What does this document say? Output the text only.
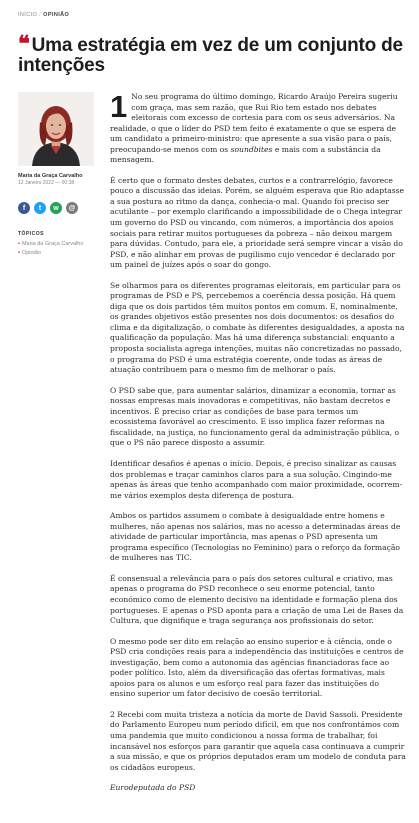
INÍCIO / OPINIÃO
❝ Uma estratégia em vez de um conjunto de intenções
Maria da Graça Carvalho
12 Janeiro 2022 — 00:38
f t w @
TÓPICOS
• Maria da Graça Carvalho
• Opinião

1 No seu programa do último domingo, Ricardo Araújo Pereira sugeriu com graça, mas sem razão, que Rui Rio tem estado nos debates eleitorais com excesso de cortesia para com os seus adversários. Na realidade, o que o líder do PSD tem feito é exatamente o que se espera de um candidato a primeiro-ministro: que apresente a sua visão para o país, preocupando-se menos com os soundbites e mais com a substância da mensagem.

É certo que o formato destes debates, curtos e a contrarrelógio, favorece pouco a discussão das ideias. Porém, se alguém esperava que Rio adaptasse a sua postura ao ritmo da dança, conhecia-o mal. Quando foi preciso ser acutilante – por exemplo clarificando a impossibilidade de o Chega integrar um governo do PSD ou vincando, com números, a importância dos apoios sociais para retirar muitos portugueses da pobreza – não deixou margem para dúvidas. Contudo, para ele, a prioridade será sempre vincar a visão do PSD, e não alinhar em provas de pugilismo cujo vencedor é declarado por um painel de juízes após o soar do gongo.

Se olharmos para os diferentes programas eleitorais, em particular para os programas de PSD e PS, percebemos a coerência dessa posição. Há quem diga que os dois partidos têm muitos pontos em comum. E, nominalmente, os grandes objetivos estão presentes nos dois documentos: os desafios do clima e da digitalização, o combate às diferentes desigualdades, a aposta na qualificação da população. Mas há uma diferença substancial: enquanto a proposta socialista agrega intenções, muitas não concretizadas no passado, o programa do PSD é uma estratégia coerente, onde todas as áreas de atuação contribuem para o mesmo fim de melhorar o país.

O PSD sabe que, para aumentar salários, dinamizar a economia, tornar as nossas empresas mais inovadoras e competitivas, não bastam decretos e incentivos. É preciso criar as condições de base para termos um ecossistema favorável ao crescimento. E isso implica fazer reformas na fiscalidade, na justiça, no funcionamento geral da administração pública, o que o PS não parece disposto a assumir.

Identificar desafios é apenas o início. Depois, é preciso sinalizar as causas dos problemas e traçar caminhos claros para a sua solução. Cingindo-me apenas às áreas que tenho acompanhado com maior proximidade, ocorrem-me vários exemplos desta diferença de postura.

Ambos os partidos assumem o combate à desigualdade entre homens e mulheres, não apenas nos salários, mas no acesso a determinadas áreas de atividade de particular importância, mas apenas o PSD apresenta um programa específico (Tecnologias no Feminino) para o reforço da formação de mulheres nas TIC.

É consensual a relevância para o país dos setores cultural e criativo, mas apenas o programa do PSD reconhece o seu enorme potencial, tanto económico como de elemento decisivo na identidade e formação plena dos portugueses. E apenas o PSD aponta para a criação de uma Lei de Bases da Cultura, que dignifique e traga segurança aos profissionais do setor.

O mesmo pode ser dito em relação ao ensino superior e à ciência, onde o PSD cria condições reais para a independência das instituições e centros de investigação, bem como a autonomia das agências financiadoras face ao poder político. Isto, além da diversificação das ofertas formativas, mais apoios para os alunos e um esforço real para fazer das instituições do ensino superior um fator decisivo de coesão territorial.

2 Recebi com muita tristeza a notícia da morte de David Sassoli. Presidente do Parlamento Europeu num período difícil, em que nos confrontámos com uma pandemia que muito condicionou a nossa forma de trabalhar, foi incansável nos esforços para garantir que aquela casa continuava a cumprir a sua missão, e que os próprios deputados eram um modelo de conduta para os cidadãos europeus.

Eurodeputada do PSD
